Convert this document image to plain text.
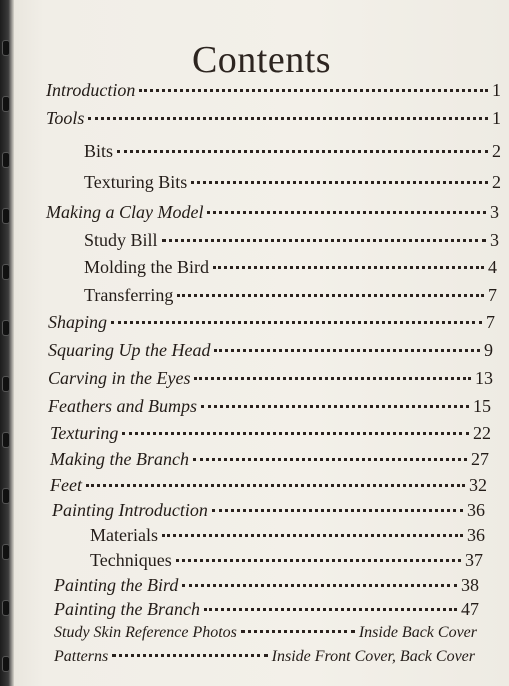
Contents
Introduction	1
Tools	1
Bits	2
Texturing Bits	2
Making a Clay Model	3
Study Bill	3
Molding the Bird	4
Transferring	7
Shaping	7
Squaring Up the Head	9
Carving in the Eyes	13
Feathers and Bumps	15
Texturing	22
Making the Branch	27
Feet	32
Painting Introduction	36
Materials	36
Techniques	37
Painting the Bird	38
Painting the Branch	47
Study Skin Reference Photos	Inside Back Cover
Patterns	Inside Front Cover, Back Cover
